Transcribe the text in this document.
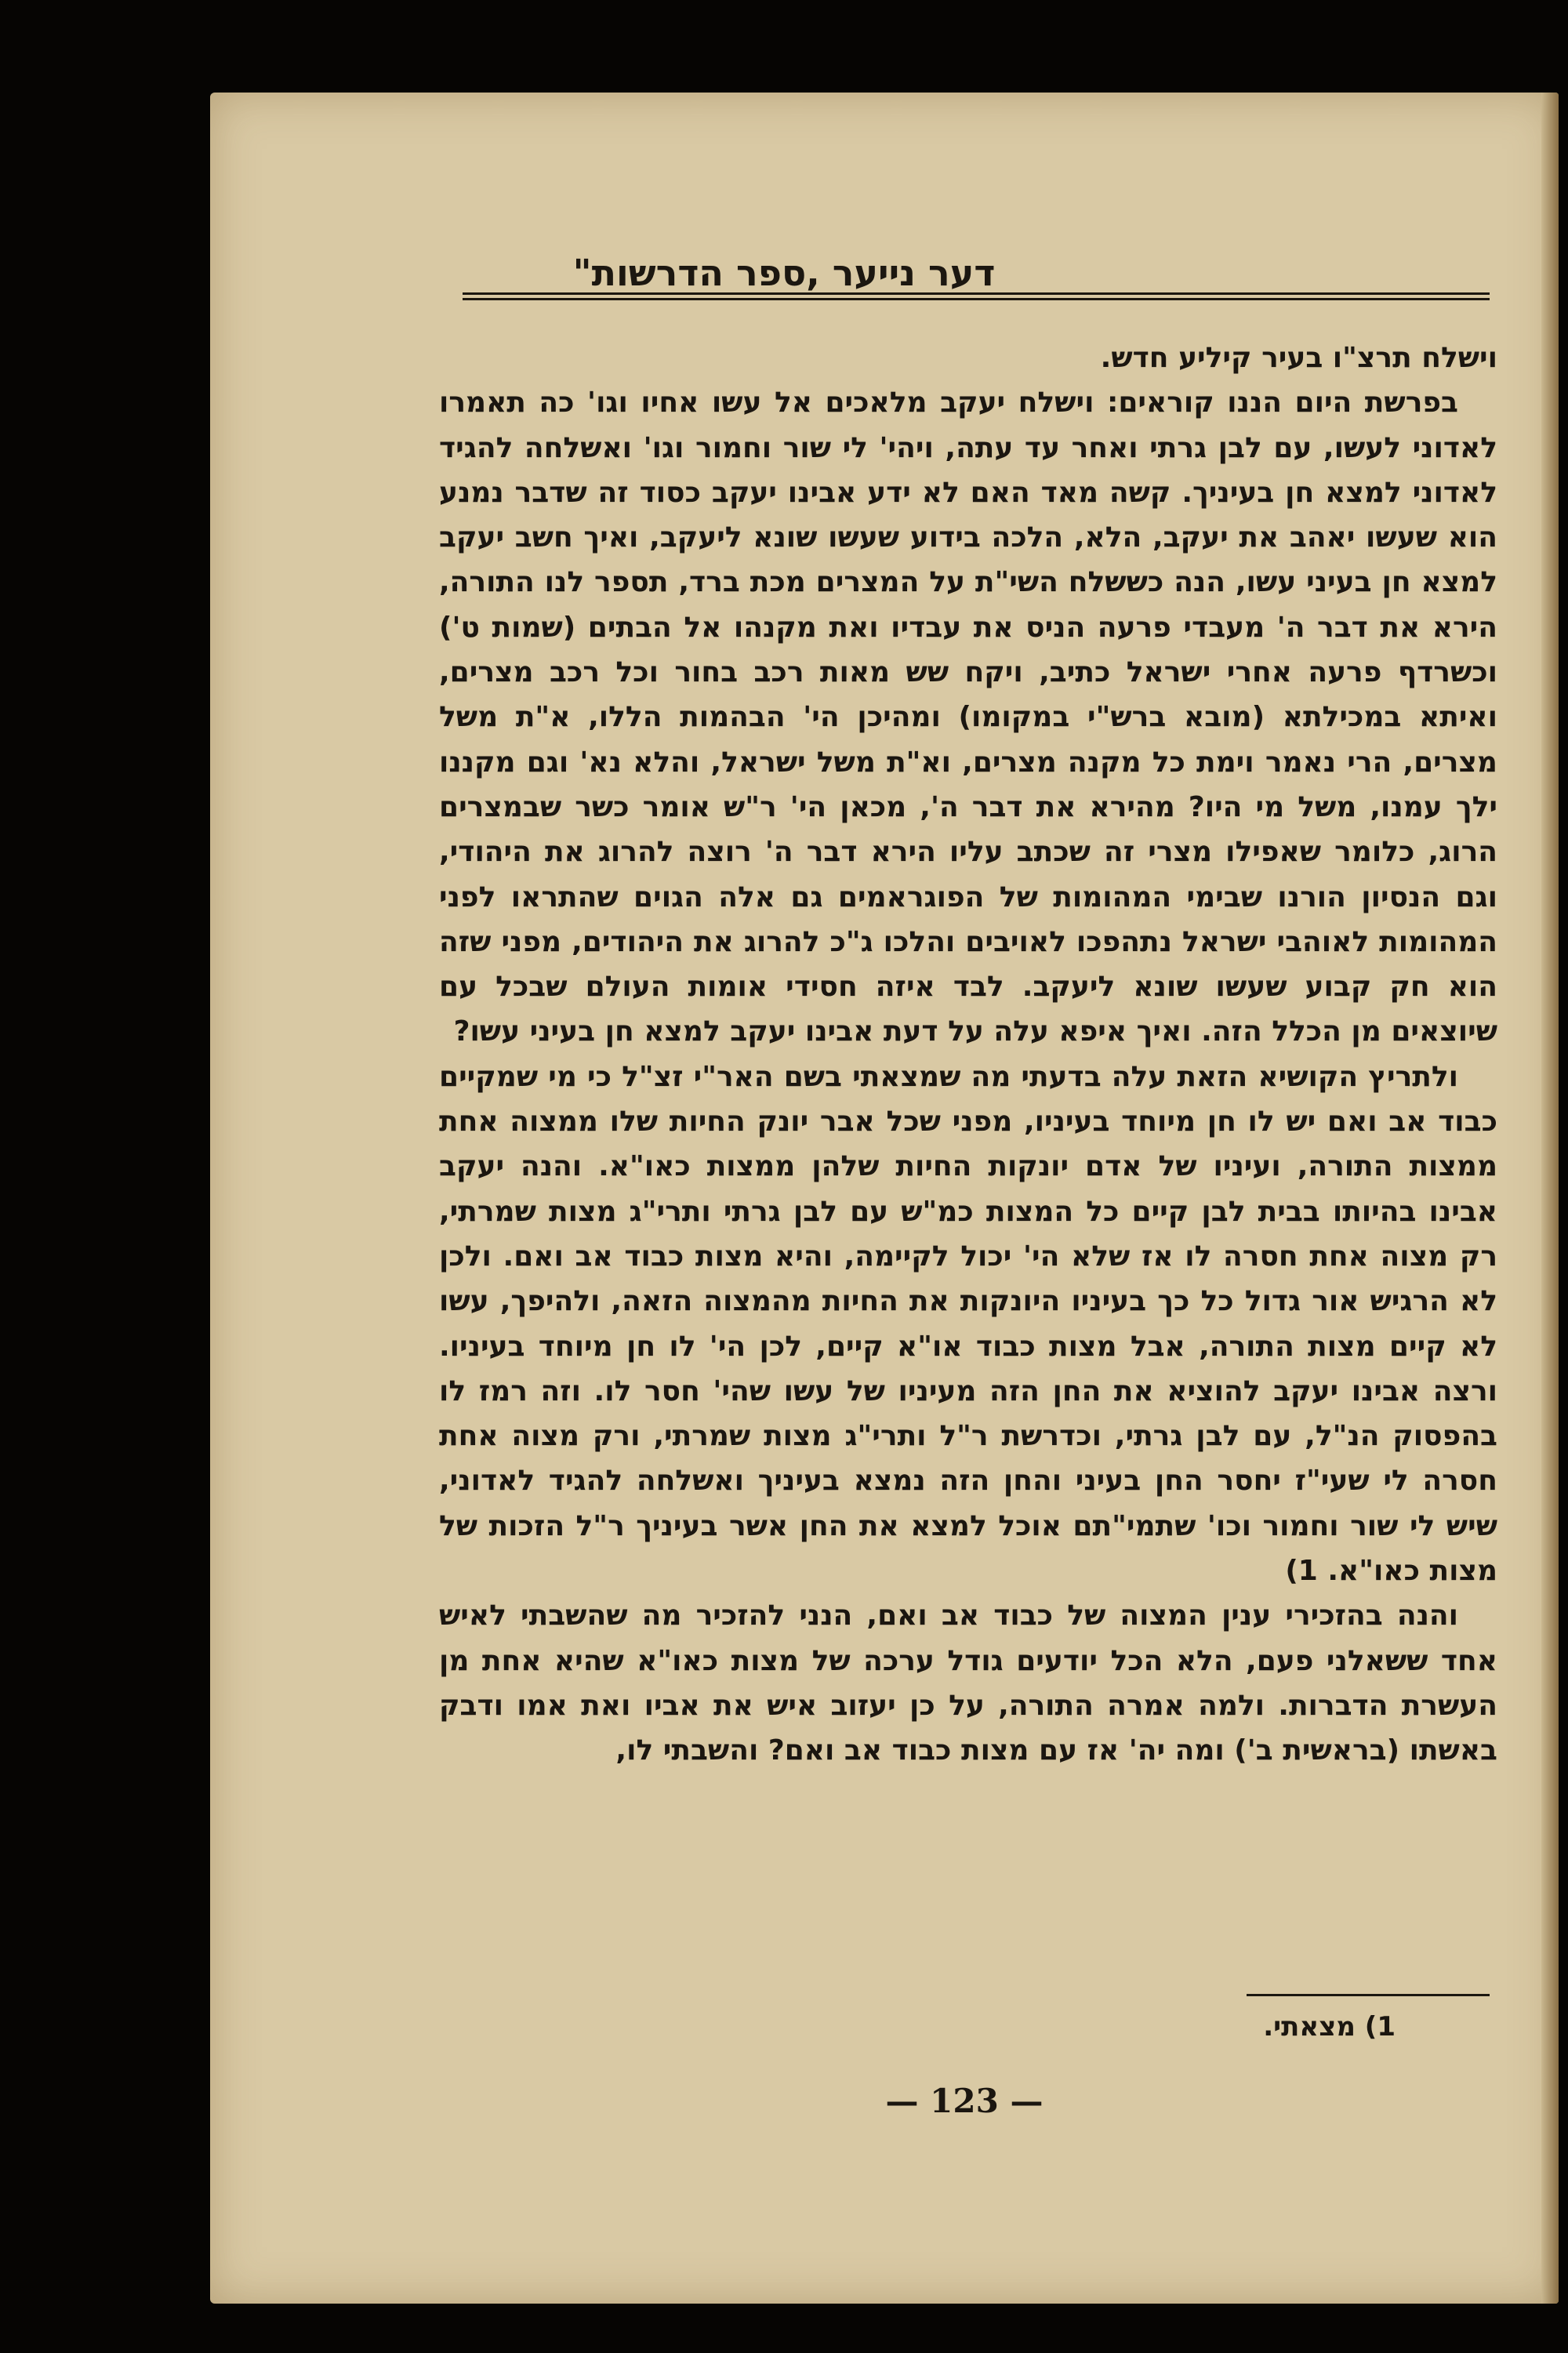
דער נייער ,ספר הדרשות"

וישלח תרצ"ו בעיר קיליע חדש.

בפרשת היום הננו קוראים: וישלח יעקב מלאכים אל עשו אחיו וגו' כה תאמרו לאדוני לעשו, עם לבן גרתי ואחר עד עתה, ויהי' לי שור וחמור וגו' ואשלחה להגיד לאדוני למצא חן בעיניך. קשה מאד האם לא ידע אבינו יעקב כסוד זה שדבר נמנע הוא שעשו יאהב את יעקב, הלא, הלכה בידוע שעשו שונא ליעקב, ואיך חשב יעקב למצא חן בעיני עשו, הנה כששלח השי"ת על המצרים מכת ברד, תספר לנו התורה, הירא את דבר ה' מעבדי פרעה הניס את עבדיו ואת מקנהו אל הבתים (שמות ט') וכשרדף פרעה אחרי ישראל כתיב, ויקח שש מאות רכב בחור וכל רכב מצרים, ואיתא במכילתא (מובא ברש"י במקומו) ומהיכן הי' הבהמות הללו, א"ת משל מצרים, הרי נאמר וימת כל מקנה מצרים, וא"ת משל ישראל, והלא נא' וגם מקננו ילך עמנו, משל מי היו? מהירא את דבר ה', מכאן הי' ר"ש אומר כשר שבמצרים הרוג, כלומר שאפילו מצרי זה שכתב עליו הירא דבר ה' רוצה להרוג את היהודי, וגם הנסיון הורנו שבימי המהומות של הפוגראמים גם אלה הגוים שהתראו לפני המהומות לאוהבי ישראל נתהפכו לאויבים והלכו ג"כ להרוג את היהודים, מפני שזה הוא חק קבוע שעשו שונא ליעקב. לבד איזה חסידי אומות העולם שבכל עם שיוצאים מן הכלל הזה. ואיך איפא עלה על דעת אבינו יעקב למצא חן בעיני עשו?

ולתריץ הקושיא הזאת עלה בדעתי מה שמצאתי בשם האר"י זצ"ל כי מי שמקיים כבוד אב ואם יש לו חן מיוחד בעיניו, מפני שכל אבר יונק החיות שלו ממצוה אחת ממצות התורה, ועיניו של אדם יונקות החיות שלהן ממצות כאו"א. והנה יעקב אבינו בהיותו בבית לבן קיים כל המצות כמ"ש עם לבן גרתי ותרי"ג מצות שמרתי, רק מצוה אחת חסרה לו אז שלא הי' יכול לקיימה, והיא מצות כבוד אב ואם. ולכן לא הרגיש אור גדול כל כך בעיניו היונקות את החיות מהמצוה הזאה, ולהיפך, עשו לא קיים מצות התורה, אבל מצות כבוד או"א קיים, לכן הי' לו חן מיוחד בעיניו. ורצה אבינו יעקב להוציא את החן הזה מעיניו של עשו שהי' חסר לו. וזה רמז לו בהפסוק הנ"ל, עם לבן גרתי, וכדרשת ר"ל ותרי"ג מצות שמרתי, ורק מצוה אחת חסרה לי שעי"ז יחסר החן בעיני והחן הזה נמצא בעיניך ואשלחה להגיד לאדוני, שיש לי שור וחמור וכו' שתמי"תם אוכל למצא את החן אשר בעיניך ר"ל הזכות של מצות כאו"א. 1)

והנה בהזכירי ענין המצוה של כבוד אב ואם, הנני להזכיר מה שהשבתי לאיש אחד ששאלני פעם, הלא הכל יודעים גודל ערכה של מצות כאו"א שהיא אחת מן העשרת הדברות. ולמה אמרה התורה, על כן יעזוב איש את אביו ואת אמו ודבק באשתו (בראשית ב') ומה יה' אז עם מצות כבוד אב ואם? והשבתי לו,

1) מצאתי.
— 123 —
